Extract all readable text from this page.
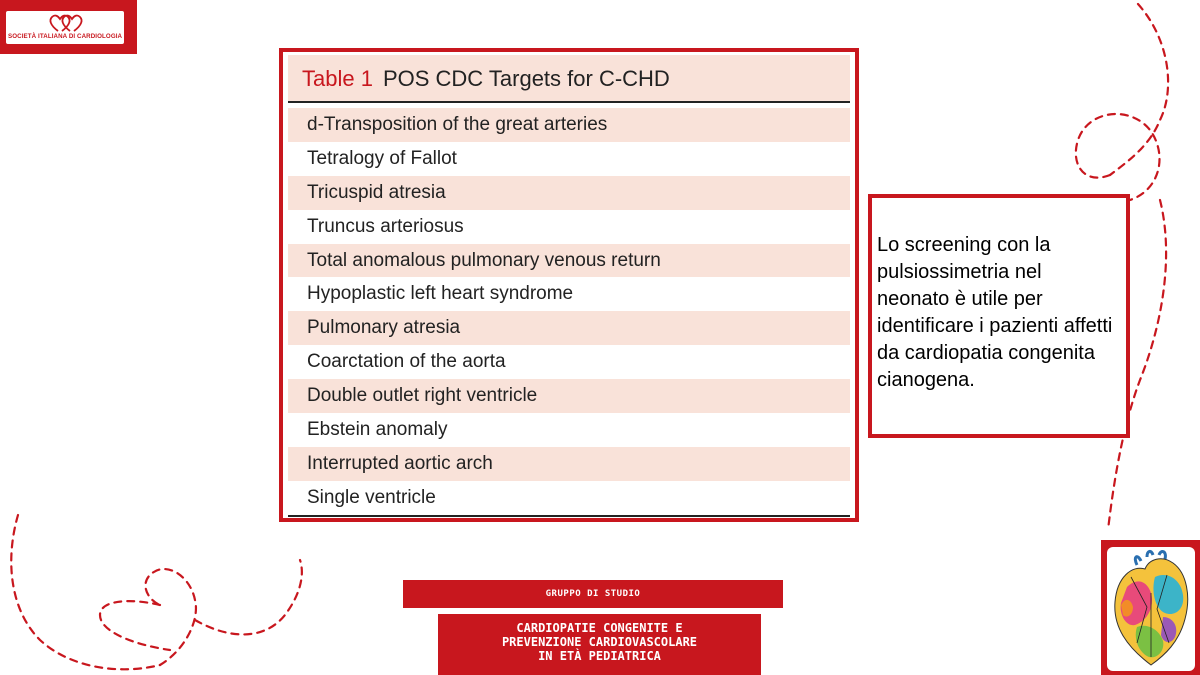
SOCIETÀ ITALIANA DI CARDIOLOGIA
Table 1 POS CDC Targets for C-CHD
d-Transposition of the great arteries
Tetralogy of Fallot
Tricuspid atresia
Truncus arteriosus
Total anomalous pulmonary venous return
Hypoplastic left heart syndrome
Pulmonary atresia
Coarctation of the aorta
Double outlet right ventricle
Ebstein anomaly
Interrupted aortic arch
Single ventricle
Lo screening con la pulsiossimetria nel neonato è utile per identificare i pazienti affetti da cardiopatia congenita cianogena.
GRUPPO DI STUDIO
CARDIOPATIE CONGENITE E
PREVENZIONE CARDIOVASCOLARE
IN ETÀ PEDIATRICA
